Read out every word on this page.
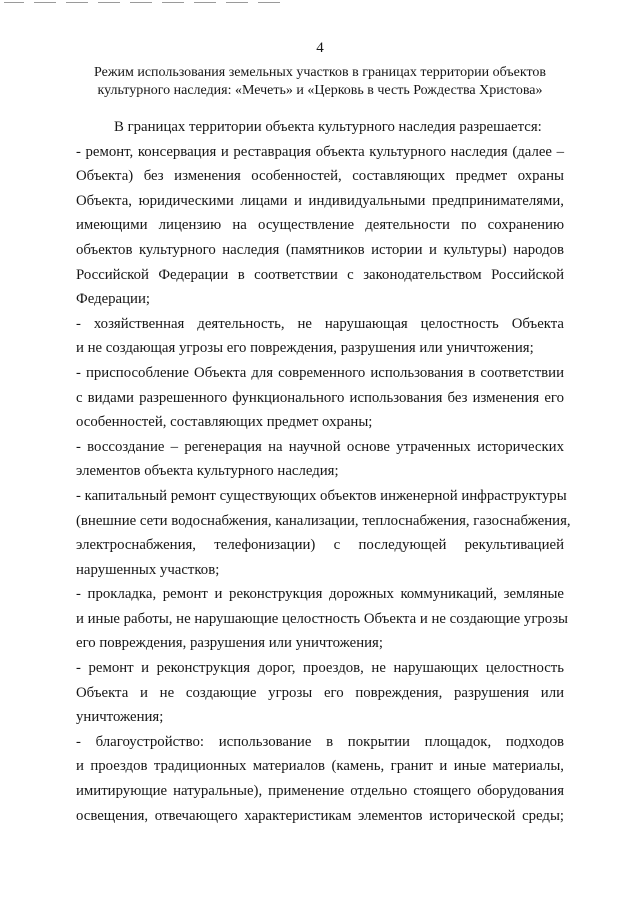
4
Режим использования земельных участков в границах территории объектов
культурного наследия: «Мечеть» и «Церковь в честь Рождества Христова»
В границах территории объекта культурного наследия разрешается:
- ремонт, консервация и реставрация объекта культурного наследия (далее –
Объекта) без изменения особенностей, составляющих предмет охраны
Объекта, юридическими лицами и индивидуальными предпринимателями,
имеющими лицензию на осуществление деятельности по сохранению
объектов культурного наследия (памятников истории и культуры) народов
Российской Федерации в соответствии с законодательством Российской
Федерации;
- хозяйственная деятельность, не нарушающая целостность Объекта
и не создающая угрозы его повреждения, разрушения или уничтожения;
- приспособление Объекта для современного использования в соответствии
с видами разрешенного функционального использования без изменения его
особенностей, составляющих предмет охраны;
- воссоздание – регенерация на научной основе утраченных исторических
элементов объекта культурного наследия;
- капитальный ремонт существующих объектов инженерной инфраструктуры
(внешние сети водоснабжения, канализации, теплоснабжения, газоснабжения,
электроснабжения, телефонизации) с последующей рекультивацией
нарушенных участков;
- прокладка, ремонт и реконструкция дорожных коммуникаций, земляные
и иные работы, не нарушающие целостность Объекта и не создающие угрозы
его повреждения, разрушения или уничтожения;
- ремонт и реконструкция дорог, проездов, не нарушающих целостность
Объекта и не создающие угрозы его повреждения, разрушения или
уничтожения;
- благоустройство: использование в покрытии площадок, подходов
и проездов традиционных материалов (камень, гранит и иные материалы,
имитирующие натуральные), применение отдельно стоящего оборудования
освещения, отвечающего характеристикам элементов исторической среды;
